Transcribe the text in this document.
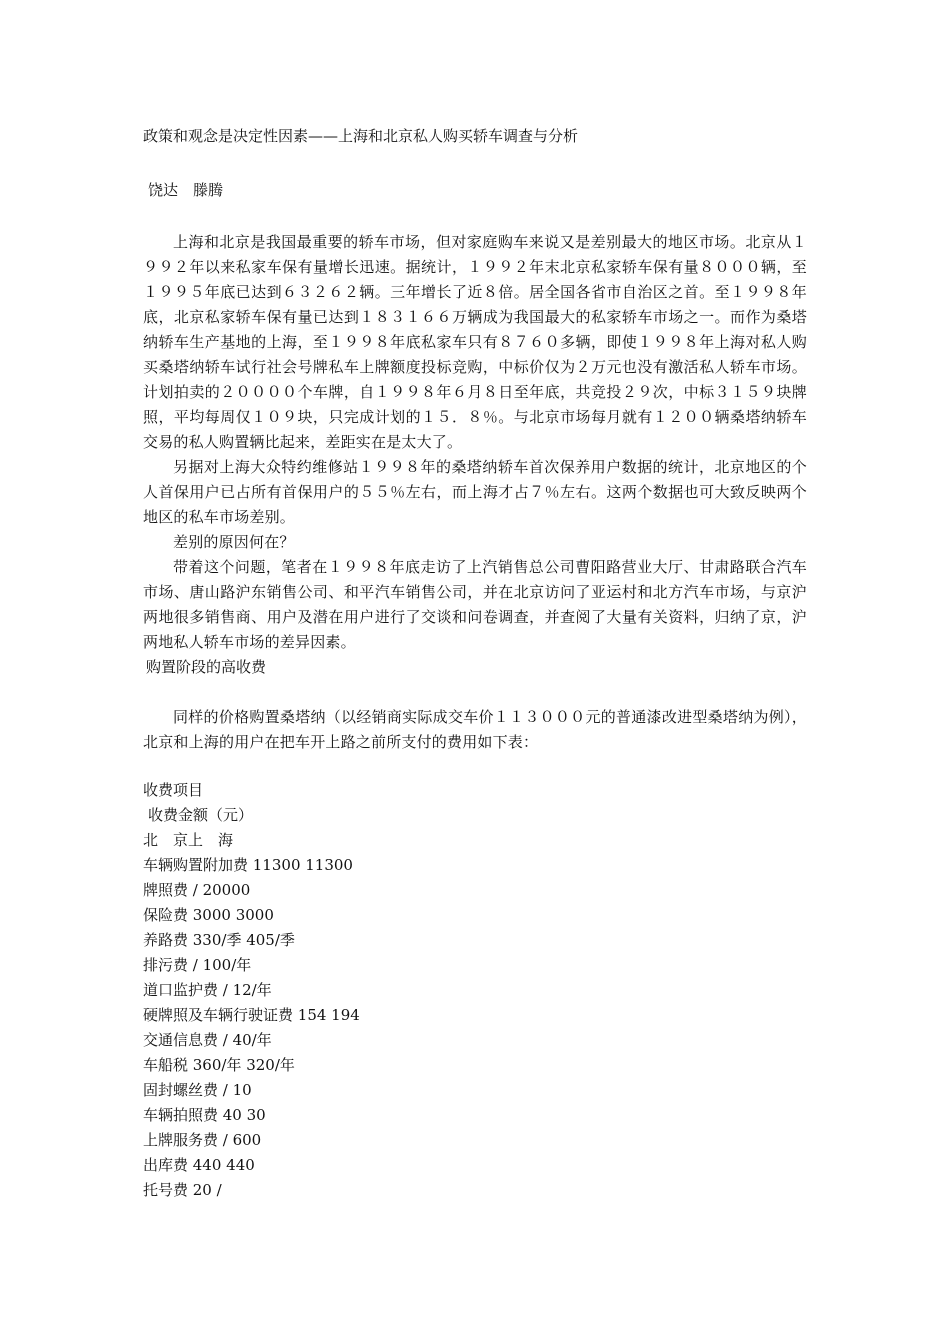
政策和观念是决定性因素——上海和北京私人购买轿车调查与分析
饶达　滕腾

上海和北京是我国最重要的轿车市场，但对家庭购车来说又是差别最大的地区市场。北京从１９９２年以来私家车保有量增长迅速。据统计，１９９２年末北京私家轿车保有量８０００辆，至１９９５年底已达到６３２６２辆。三年增长了近８倍。居全国各省市自治区之首。至１９９８年底，北京私家轿车保有量已达到１８３１６６万辆成为我国最大的私家轿车市场之一。而作为桑塔纳轿车生产基地的上海，至１９９８年底私家车只有８７６０多辆，即使１９９８年上海对私人购买桑塔纳轿车试行社会号牌私车上牌额度投标竞购，中标价仅为２万元也没有激活私人轿车市场。计划拍卖的２００００个车牌，自１９９８年６月８日至年底，共竞投２９次，中标３１５９块牌照，平均每周仅１０９块，只完成计划的１５．８％。与北京市场每月就有１２００辆桑塔纳轿车交易的私人购置辆比起来，差距实在是太大了。

另据对上海大众特约维修站１９９８年的桑塔纳轿车首次保养用户数据的统计，北京地区的个人首保用户已占所有首保用户的５５％左右，而上海才占７％左右。这两个数据也可大致反映两个地区的私车市场差别。

差别的原因何在？

带着这个问题，笔者在１９９８年底走访了上汽销售总公司曹阳路营业大厅、甘肃路联合汽车市场、唐山路沪东销售公司、和平汽车销售公司，并在北京访问了亚运村和北方汽车市场，与京沪两地很多销售商、用户及潜在用户进行了交谈和问卷调查，并查阅了大量有关资料，归纳了京，沪两地私人轿车市场的差异因素。

购置阶段的高收费

同样的价格购置桑塔纳（以经销商实际成交车价１１３０００元的普通漆改进型桑塔纳为例），北京和上海的用户在把车开上路之前所支付的费用如下表：

收费项目

收费金额（元）

北　京上　海

车辆购置附加费 11300 11300

牌照费 / 20000

保险费 3000 3000

养路费 330/季 405/季

排污费 / 100/年

道口监护费 / 12/年

硬牌照及车辆行驶证费 154 194

交通信息费 / 40/年

车船税 360/年 320/年

固封螺丝费 / 10

车辆拍照费 40 30

上牌服务费 / 600

出库费 440 440

托号费 20 /
